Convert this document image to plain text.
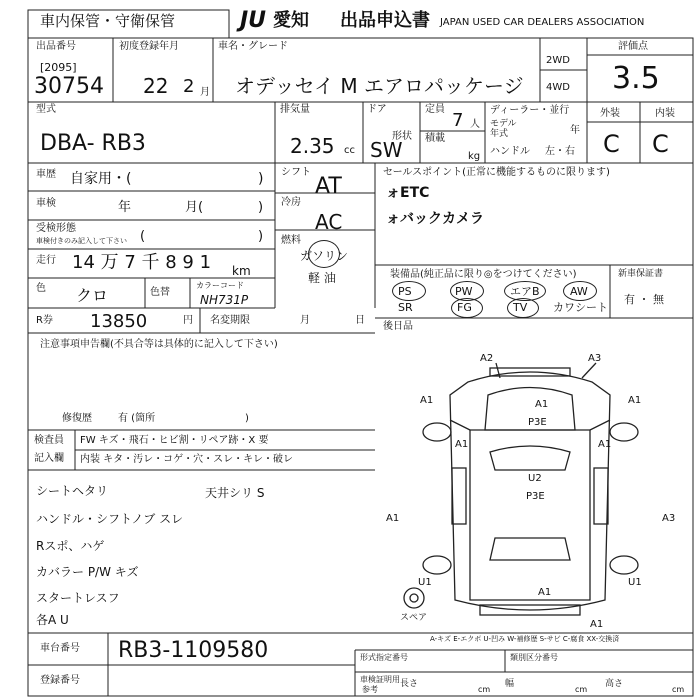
車内保管・守衛保管	JU 愛知 出品申込書 JAPAN USED CAR DEALERS ASSOCIATION
出品番号
[2095]
30754
初度登録年月
22 2 月
車名・グレード
オデッセイ M エアロパッケージ
2WD
4WD
評価点
3.5
型式
DBA- RB3
排気量
2.35 cc
ドア
形状
SW
定員
7 人
積載
kg
ディーラー・並行
モデル
年式	年
ハンドル 左・右
外装	内装
C C
車歴 自家用・(	)
車検	年	月(	)
受検形態
車検付きのみ記入して下さい (	)
走行 14 万 7 千 8 9 1 km
色 クロ	色替
カラーコード
NH731P
シフト
AT
冷房
AC
燃料
ガソリン
軽 油
セールスポイント(正常に機能するものに限ります)
ォETC
ォバックカメラ
装備品(純正品に限り◎をつけてください)
PS	PW	エアB	AW
SR	FG	TV カワシート
新車保証書
有 ・ 無
R券 13850	円 名変期限	月	日
後日品
注意事項申告欄(不具合等は具体的に記入して下さい)
修復歴	有 (箇所	)
検査員
記入欄
FW キズ・飛石・ヒビ割・リペア跡・X 要
内装 キタ・汚レ・コゲ・穴・スレ・キレ・破レ
シートヘタリ
ハンドル・シフトノブ スレ
Rスポ、ハゲ
カバラー P/W キズ
スタートレスフ
各A U
天井シリ S
A2	A3
A1	A1
A1
P3E
A1	A1
A1	A3
U2
P3E
U1	U1
A1
A1
スペア
A-キズ E-エクボ U-凹み W-補修歴 S-サビ C-腐食 XX-交換済
車台番号 RB3-1109580
登録番号
形式指定番号	類別区分番号
車検証明用
参考
長さ
cm
幅
cm
高さ
cm
